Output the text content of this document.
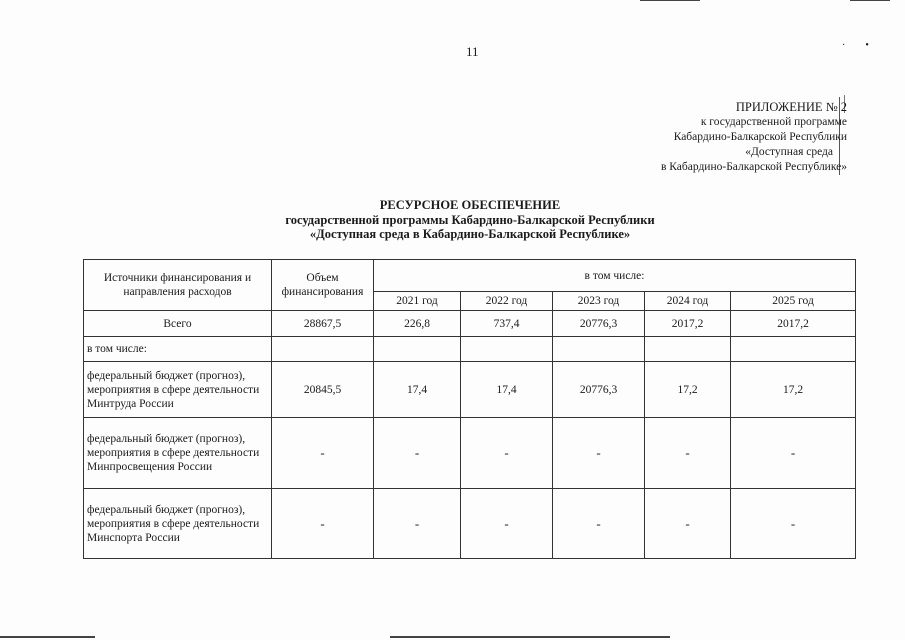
·        •
11
ПРИЛОЖЕНИЕ № 2
к государственной программе
Кабардино-Балкарской Республики
«Доступная среда
в Кабардино-Балкарской Республике»
РЕСУРСНОЕ ОБЕСПЕЧЕНИЕ
государственной программы Кабардино-Балкарской Республики
«Доступная среда в Кабардино-Балкарской Республике»
Источники финансирования и направления расходов	Объем финансирования	в том числе:				
		2021 год	2022 год	2023 год	2024 год	2025 год
Всего	28867,5	226,8	737,4	20776,3	2017,2	2017,2
в том числе:						
федеральный бюджет (прогноз), мероприятия в сфере деятельности Минтруда России	20845,5	17,4	17,4	20776,3	17,2	17,2
федеральный бюджет (прогноз), мероприятия в сфере деятельности Минпросвещения России	-	-	-	-	-	-
федеральный бюджет (прогноз), мероприятия в сфере деятельности Минспорта России	-	-	-	-	-	-
